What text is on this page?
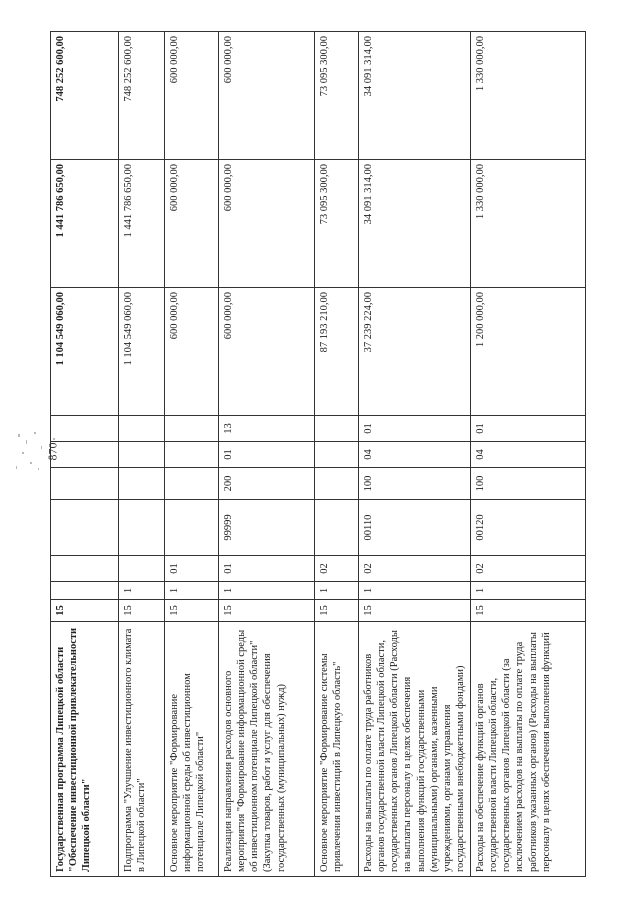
870
Государственная программа Липецкой области "Обеспечение инвестиционной привлекательности Липецкой области"	15							1 104 549 060,00	1 441 786 650,00	748 252 600,00
Подпрограмма "Улучшение инвестиционного климата в Липецкой области"	15	1						1 104 549 060,00	1 441 786 650,00	748 252 600,00
Основное мероприятие "Формирование информационной среды об инвестиционном потенциале Липецкой области"	15	1	01					600 000,00	600 000,00	600 000,00
Реализация направления расходов основного мероприятия "Формирование информационной среды об инвестиционном потенциале Липецкой области" (Закупка товаров, работ и услуг для обеспечения государственных (муниципальных) нужд)	15	1	01	99999	200	01	13	600 000,00	600 000,00	600 000,00
Основное мероприятие "Формирование системы привлечения инвестиций в Липецкую область"	15	1	02					87 193 210,00	73 095 300,00	73 095 300,00
Расходы на выплаты по оплате труда работников органов государственной власти Липецкой области, государственных органов Липецкой области (Расходы на выплаты персоналу в целях обеспечения выполнения функций государственными (муниципальными) органами, казенными учреждениями, органами управления государственными внебюджетными фондами)	15	1	02	00110	100	04	01	37 239 224,00	34 091 314,00	34 091 314,00
Расходы на обеспечение функций органов государственной власти Липецкой области, государственных органов Липецкой области (за исключением расходов на выплаты по оплате труда работников указанных органов) (Расходы на выплаты персоналу в целях обеспечения выполнения функций	15	1	02	00120	100	04	01	1 200 000,00	1 330 000,00	1 330 000,00
